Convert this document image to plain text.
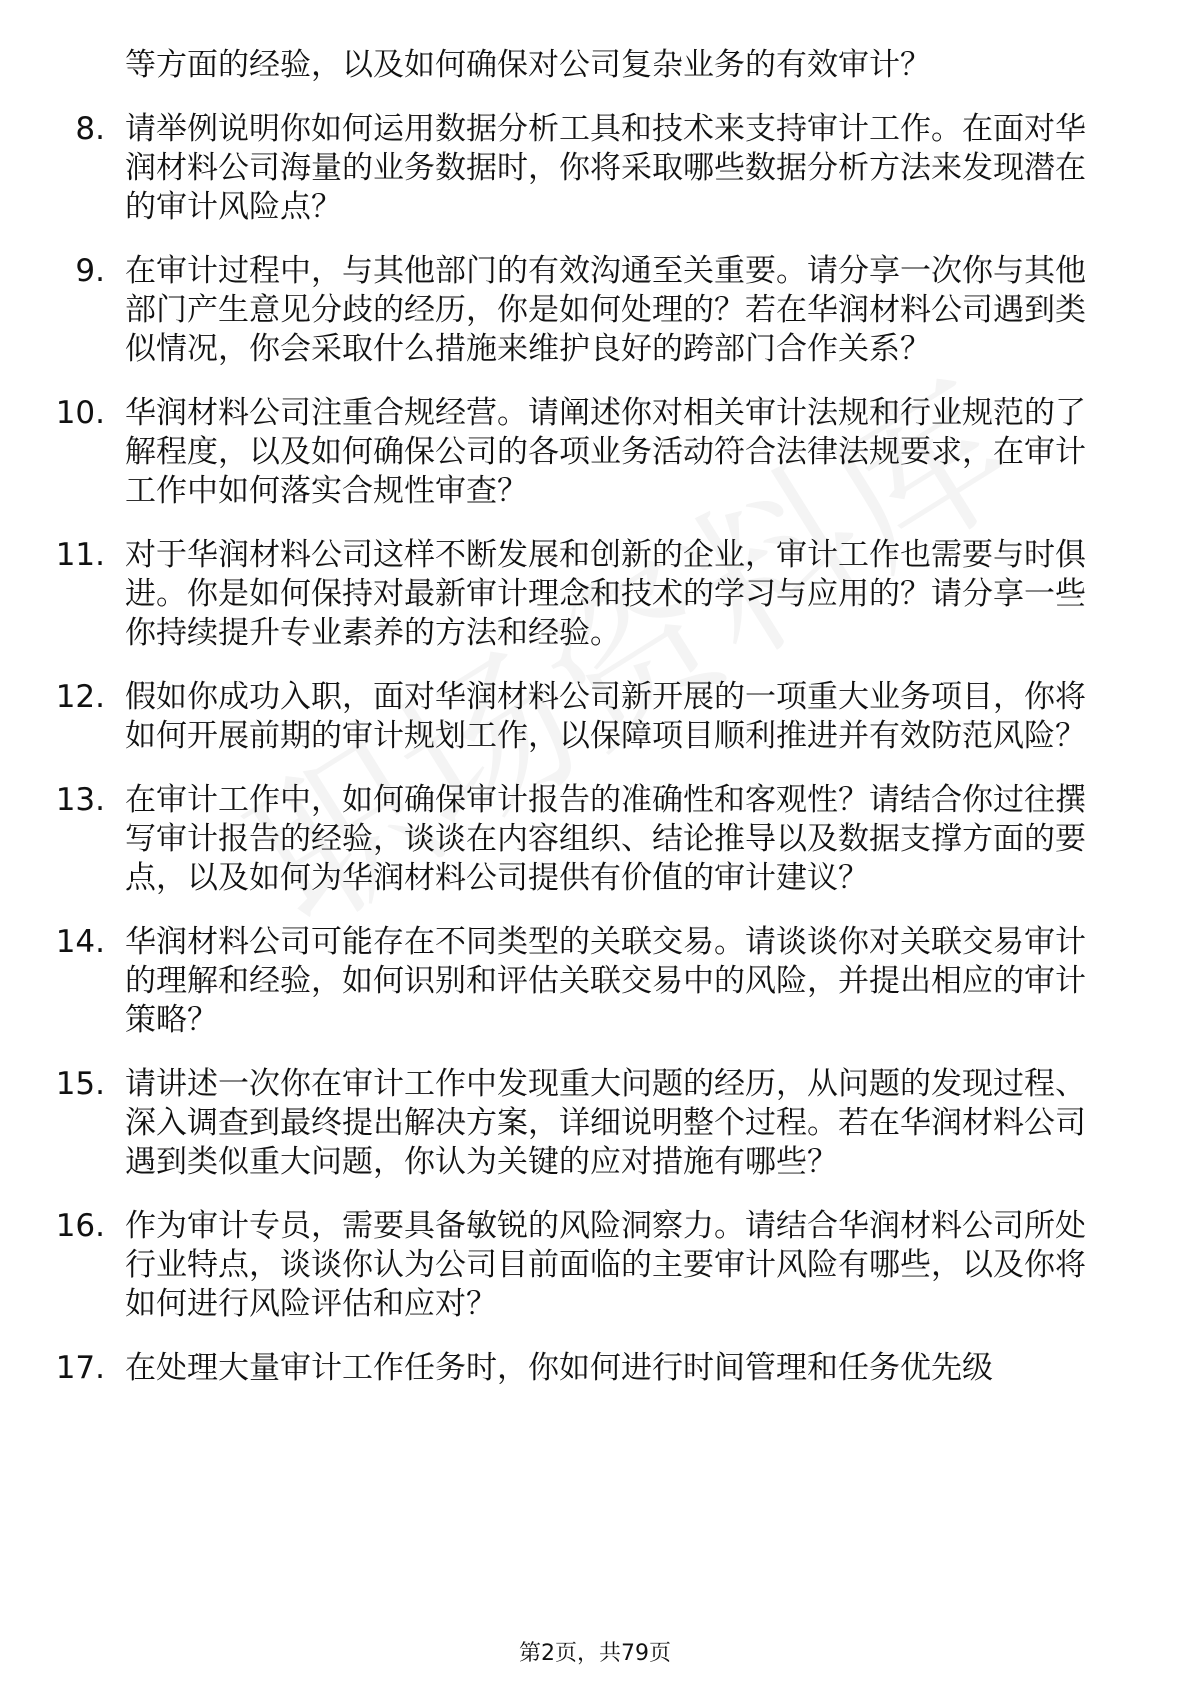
等方面的经验，以及如何确保对公司复杂业务的有效审计？
8. 请举例说明你如何运用数据分析工具和技术来支持审计工作。在面对华润材料公司海量的业务数据时，你将采取哪些数据分析方法来发现潜在的审计风险点？
9. 在审计过程中，与其他部门的有效沟通至关重要。请分享一次你与其他部门产生意见分歧的经历，你是如何处理的？若在华润材料公司遇到类似情况，你会采取什么措施来维护良好的跨部门合作关系？
10. 华润材料公司注重合规经营。请阐述你对相关审计法规和行业规范的了解程度，以及如何确保公司的各项业务活动符合法律法规要求，在审计工作中如何落实合规性审查？
11. 对于华润材料公司这样不断发展和创新的企业，审计工作也需要与时俱进。你是如何保持对最新审计理念和技术的学习与应用的？请分享一些你持续提升专业素养的方法和经验。
12. 假如你成功入职，面对华润材料公司新开展的一项重大业务项目，你将如何开展前期的审计规划工作，以保障项目顺利推进并有效防范风险？
13. 在审计工作中，如何确保审计报告的准确性和客观性？请结合你过往撰写审计报告的经验，谈谈在内容组织、结论推导以及数据支撑方面的要点，以及如何为华润材料公司提供有价值的审计建议？
14. 华润材料公司可能存在不同类型的关联交易。请谈谈你对关联交易审计的理解和经验，如何识别和评估关联交易中的风险，并提出相应的审计策略？
15. 请讲述一次你在审计工作中发现重大问题的经历，从问题的发现过程、深入调查到最终提出解决方案，详细说明整个过程。若在华润材料公司遇到类似重大问题，你认为关键的应对措施有哪些？
16. 作为审计专员，需要具备敏锐的风险洞察力。请结合华润材料公司所处行业特点，谈谈你认为公司目前面临的主要审计风险有哪些，以及你将如何进行风险评估和应对？
17. 在处理大量审计工作任务时，你如何进行时间管理和任务优先级
第2页，共79页
